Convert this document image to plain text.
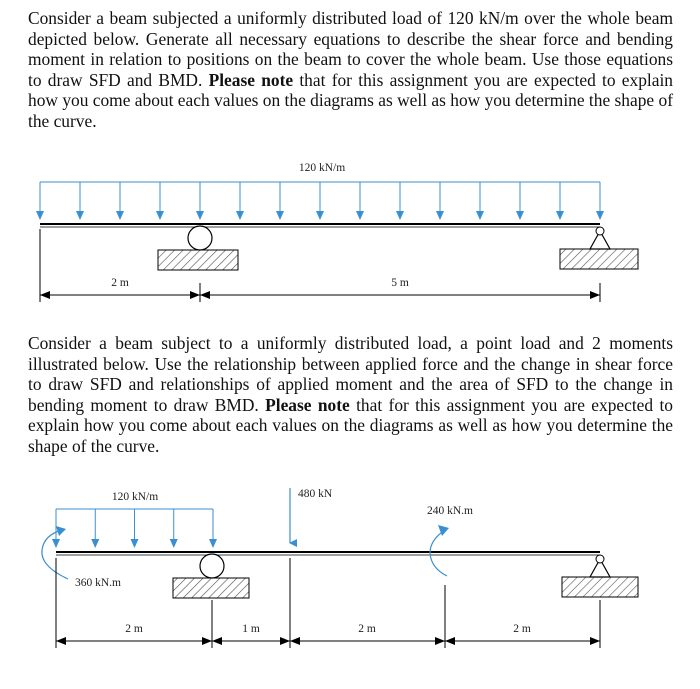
Consider a beam subjected a uniformly distributed load of 120 kN/m over the whole beam depicted below. Generate all necessary equations to describe the shear force and bending moment in relation to positions on the beam to cover the whole beam. Use those equations to draw SFD and BMD. Please note that for this assignment you are expected to explain how you come about each values on the diagrams as well as how you determine the shape of the curve.

Consider a beam subject to a uniformly distributed load, a point load and 2 moments illustrated below. Use the relationship between applied force and the change in shear force to draw SFD and relationships of applied moment and the area of SFD to the change in bending moment to draw BMD. Please note that for this assignment you are expected to explain how you come about each values on the diagrams as well as how you determine the shape of the curve.

120 kN/m
2 m	5 m
120 kN/m	480 kN
360 kN.m
240 kN.m
2 m	1 m	2 m	2 m
